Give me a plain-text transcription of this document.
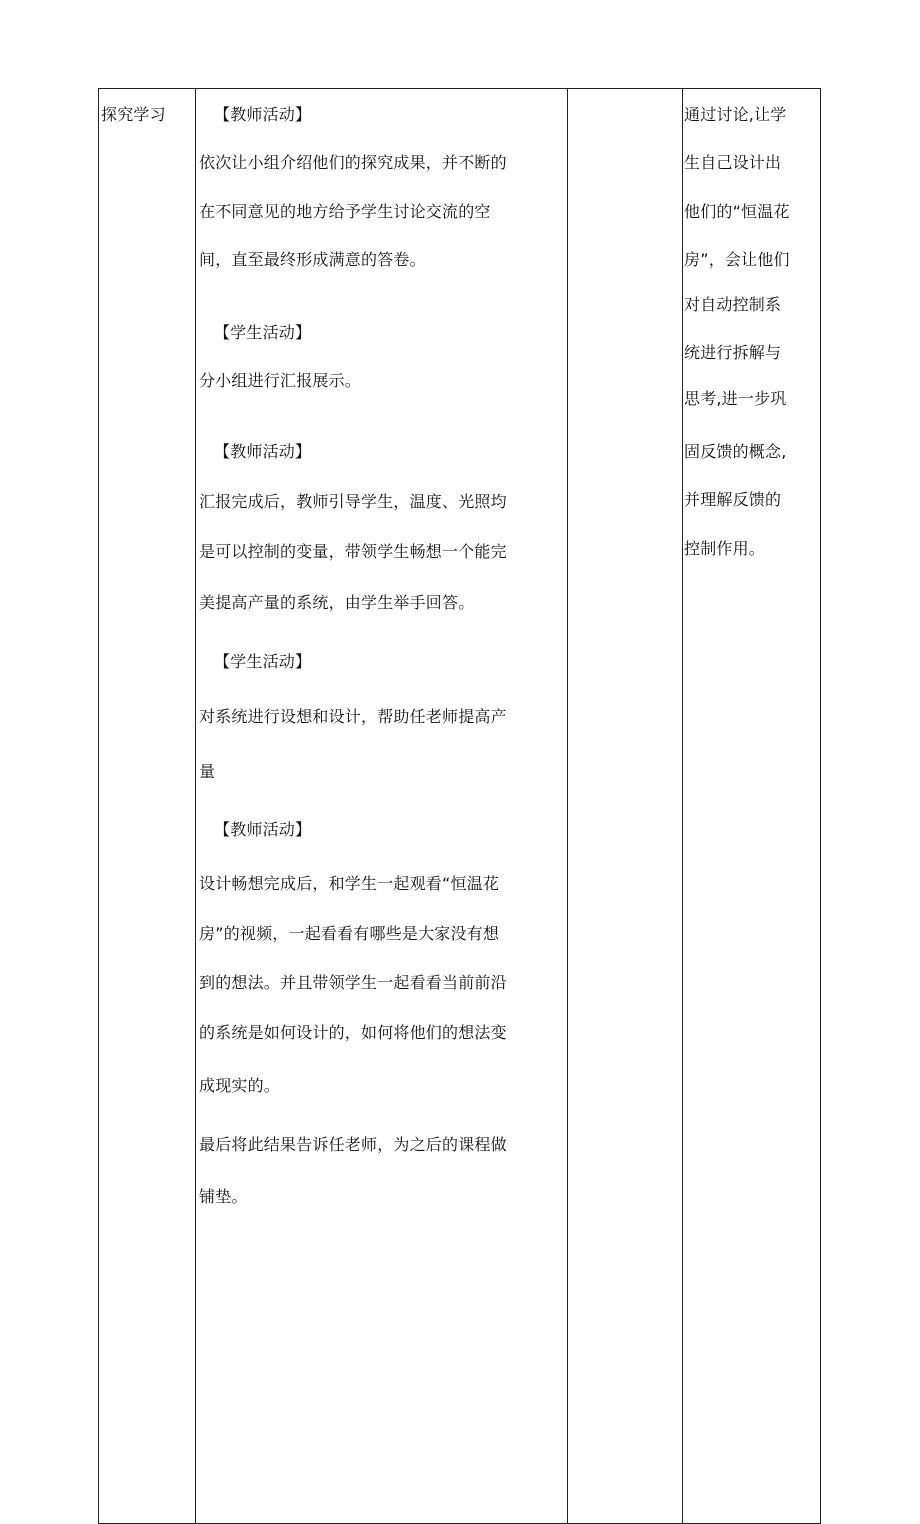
探究学习	【教师活动】
依次让小组介绍他们的探究成果，并不断的
在不同意见的地方给予学生讨论交流的空
间，直至最终形成满意的答卷。
【学生活动】
分小组进行汇报展示。
【教师活动】
汇报完成后，教师引导学生，温度、光照均
是可以控制的变量，带领学生畅想一个能完
美提高产量的系统，由学生举手回答。
【学生活动】
对系统进行设想和设计，帮助任老师提高产
量
【教师活动】
设计畅想完成后，和学生一起观看“恒温花
房”的视频，一起看看有哪些是大家没有想
到的想法。并且带领学生一起看看当前前沿
的系统是如何设计的，如何将他们的想法变
成现实的。
最后将此结果告诉任老师，为之后的课程做
铺垫。
通过讨论,让学
生自己设计出
他们的“恒温花
房”，会让他们
对自动控制系
统进行拆解与
思考,进一步巩
固反馈的概念,
并理解反馈的
控制作用。
